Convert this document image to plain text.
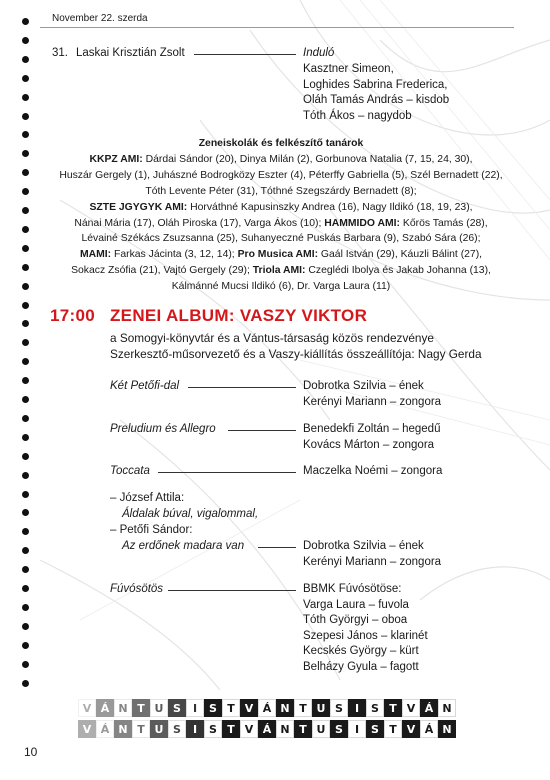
November 22. szerda
31. Laskai Krisztián Zsolt	Induló
Kasztner Simeon,
Loghides Sabrina Frederica,
Oláh Tamás András – kisdob
Tóth Ákos – nagydob
Zeneiskolák és felkészítő tanárok
KKPZ AMI: Dárdai Sándor (20), Dinya Milán (2), Gorbunova Natalia (7, 15, 24, 30),
Huszár Gergely (1), Juhászné Bodrogközy Eszter (4), Péterffy Gabriella (5), Szél Bernadett (22),
Tóth Levente Péter (31), Tóthné Szegszárdy Bernadett (8);
SZTE JGYGYK AMI: Horváthné Kapusinszky Andrea (16), Nagy Ildikó (18, 19, 23),
Nánai Mária (17), Oláh Piroska (17), Varga Ákos (10); HAMMIDO AMI: Kőrös Tamás (28),
Lévainé Székács Zsuzsanna (25), Suhanyeczné Puskás Barbara (9), Szabó Sára (26);
MAMI: Farkas Jácinta (3, 12, 14); Pro Musica AMI: Gaál István (29), Káuzli Bálint (27),
Sokacz Zsófia (21), Vajtó Gergely (29); Triola AMI: Czeglédi Ibolya és Jakab Johanna (13),
Kálmánné Mucsi Ildikó (6), Dr. Varga Laura (11)
17:00 ZENEI ALBUM: VASZY VIKTOR
a Somogyi-könyvtár és a Vántus-társaság közös rendezvénye
Szerkesztő-műsorvezető és a Vaszy-kiállítás összeállítója: Nagy Gerda
Két Petőfi-dal	Dobrotka Szilvia – ének
Kerényi Mariann – zongora
Preludium és Allegro	Benedekfi Zoltán – hegedű
Kovács Márton – zongora
Toccata	Maczelka Noémi – zongora
– József Attila:
Áldalak búval, vigalommal,
– Petőfi Sándor:
Az erdőnek madara van	Dobrotka Szilvia – ének
Kerényi Mariann – zongora
Fúvósötös	BBMK Fúvósötöse:
Varga Laura – fuvola
Tóth Györgyi – oboa
Szepesi János – klarinét
Kecskés György – kürt
Belházy Gyula – fagott
10
V Á N T U S	I	S T V Á N T U S	I	S T V Á N
V Á N T U S	I	S T V Á N T U S	I	S T V Á N
